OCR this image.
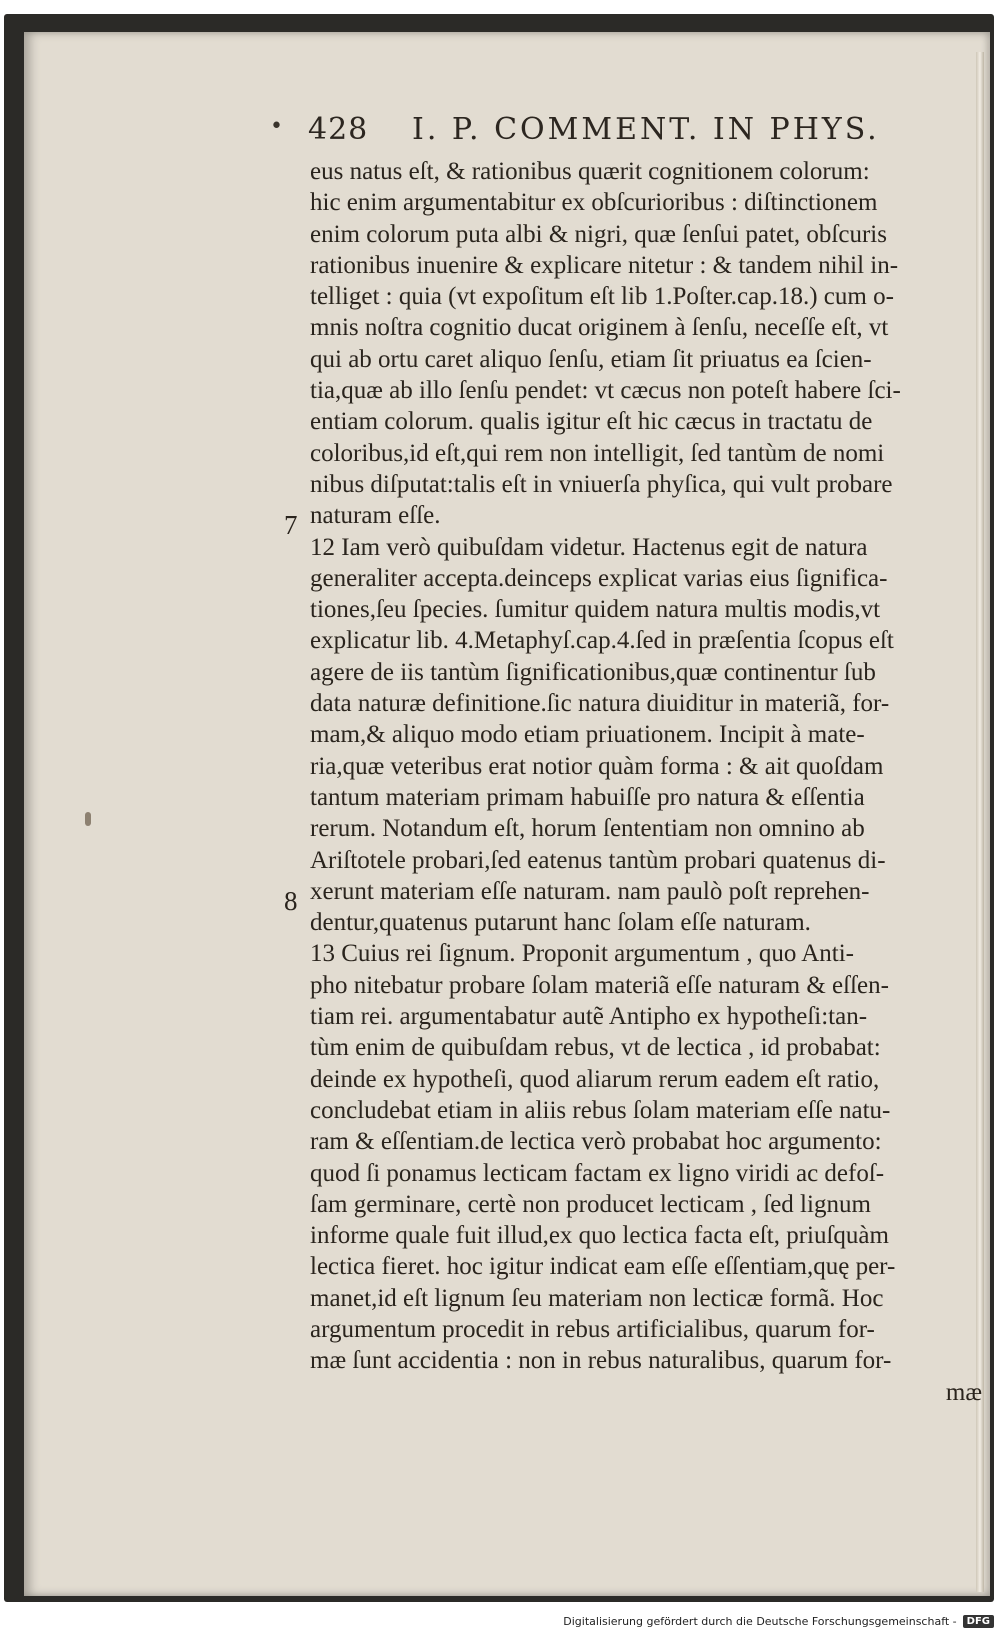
• 428 I. P. COMMENT. IN PHYS.
7
8
eus natus eſt, & rationibus quærit cognitionem colorum:
hic enim argumentabitur ex obſcurioribus : diſtinctionem
enim colorum puta albi & nigri, quæ ſenſui patet, obſcuris
rationibus inuenire & explicare nitetur : & tandem nihil in-
telliget : quia (vt expoſitum eſt lib 1.Poſter.cap.18.) cum o-
mnis noſtra cognitio ducat originem à ſenſu, neceſſe eſt, vt
qui ab ortu caret aliquo ſenſu, etiam ſit priuatus ea ſcien-
tia,quæ ab illo ſenſu pendet: vt cæcus non poteſt habere ſci-
entiam colorum. qualis igitur eſt hic cæcus in tractatu de
coloribus,id eſt,qui rem non intelligit, ſed tantùm de nomi
nibus diſputat:talis eſt in vniuerſa phyſica, qui vult probare
naturam eſſe.
12 Iam verò quibuſdam videtur. Hactenus egit de natura
generaliter accepta.deinceps explicat varias eius ſignifica-
tiones,ſeu ſpecies. ſumitur quidem natura multis modis,vt
explicatur lib. 4.Metaphyſ.cap.4.ſed in præſentia ſcopus eſt
agere de iis tantùm ſignificationibus,quæ continentur ſub
data naturæ definitione.ſic natura diuiditur in materiã, for-
mam,& aliquo modo etiam priuationem. Incipit à mate-
ria,quæ veteribus erat notior quàm forma : & ait quoſdam
tantum materiam primam habuiſſe pro natura & eſſentia
rerum. Notandum eſt, horum ſententiam non omnino ab
Ariſtotele probari,ſed eatenus tantùm probari quatenus di-
xerunt materiam eſſe naturam. nam paulò poſt reprehen-
dentur,quatenus putarunt hanc ſolam eſſe naturam.
13 Cuius rei ſignum. Proponit argumentum , quo Anti-
pho nitebatur probare ſolam materiã eſſe naturam & eſſen-
tiam rei. argumentabatur autẽ Antipho ex hypotheſi:tan-
tùm enim de quibuſdam rebus, vt de lectica , id probabat:
deinde ex hypotheſi, quod aliarum rerum eadem eſt ratio,
concludebat etiam in aliis rebus ſolam materiam eſſe natu-
ram & eſſentiam.de lectica verò probabat hoc argumento:
quod ſi ponamus lecticam factam ex ligno viridi ac defoſ-
ſam germinare, certè non producet lecticam , ſed lignum
informe quale fuit illud,ex quo lectica facta eſt, priuſquàm
lectica fieret. hoc igitur indicat eam eſſe eſſentiam,quę per-
manet,id eſt lignum ſeu materiam non lecticæ formã. Hoc
argumentum procedit in rebus artificialibus, quarum for-
mæ ſunt accidentia : non in rebus naturalibus, quarum for-
mæ
Digitalisierung gefördert durch die Deutsche Forschungsgemeinschaft -	DFG
